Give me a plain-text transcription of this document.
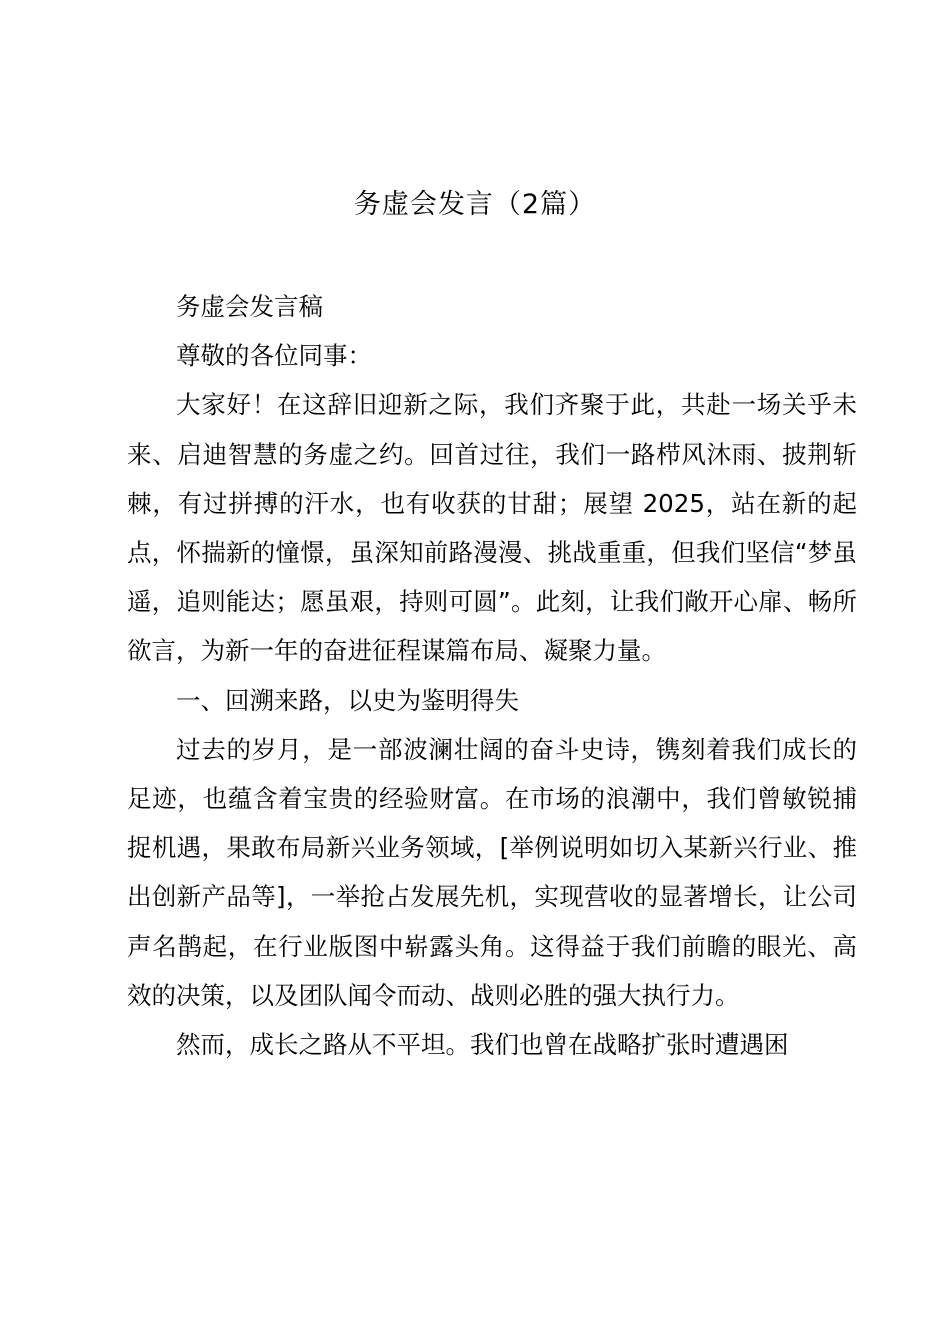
务虚会发言（2篇）

务虚会发言稿

尊敬的各位同事：

大家好！在这辞旧迎新之际，我们齐聚于此，共赴一场关乎未来、启迪智慧的务虚之约。回首过往，我们一路栉风沐雨、披荆斩棘，有过拼搏的汗水，也有收获的甘甜；展望 2025，站在新的起点，怀揣新的憧憬，虽深知前路漫漫、挑战重重，但我们坚信“梦虽遥，追则能达；愿虽艰，持则可圆”。此刻，让我们敞开心扉、畅所欲言，为新一年的奋进征程谋篇布局、凝聚力量。

一、回溯来路，以史为鉴明得失

过去的岁月，是一部波澜壮阔的奋斗史诗，镌刻着我们成长的足迹，也蕴含着宝贵的经验财富。在市场的浪潮中，我们曾敏锐捕捉机遇，果敢布局新兴业务领域，[举例说明如切入某新兴行业、推出创新产品等]，一举抢占发展先机，实现营收的显著增长，让公司声名鹊起，在行业版图中崭露头角。这得益于我们前瞻的眼光、高效的决策，以及团队闻令而动、战则必胜的强大执行力。

然而，成长之路从不平坦。我们也曾在战略扩张时遭遇困
